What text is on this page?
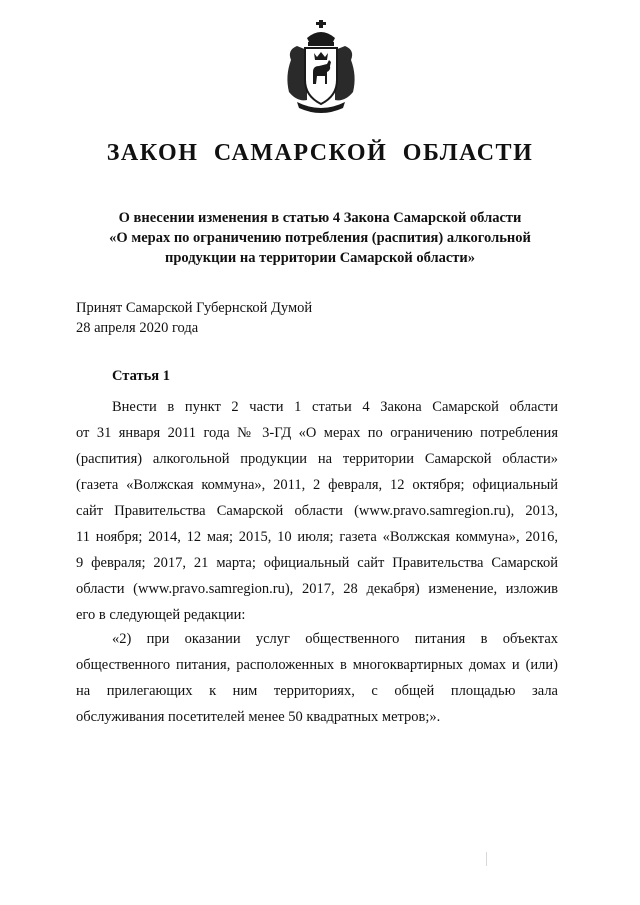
ЗАКОН САМАРСКОЙ ОБЛАСТИ
О внесении изменения в статью 4 Закона Самарской области
«О мерах по ограничению потребления (распития) алкогольной
продукции на территории Самарской области»
Принят Самарской Губернской Думой
28 апреля 2020 года
Статья 1
Внести в пункт 2 части 1 статьи 4 Закона Самарской области
от 31 января 2011 года № 3-ГД «О мерах по ограничению потребления
(распития) алкогольной продукции на территории Самарской области»
(газета «Волжская коммуна», 2011, 2 февраля, 12 октября; официальный
сайт Правительства Самарской области (www.pravo.samregion.ru), 2013,
11 ноября; 2014, 12 мая; 2015, 10 июля; газета «Волжская коммуна», 2016,
9 февраля; 2017, 21 марта; официальный сайт Правительства Самарской
области (www.pravo.samregion.ru), 2017, 28 декабря) изменение, изложив
его в следующей редакции:
«2) при оказании услуг общественного питания в объектах
общественного питания, расположенных в многоквартирных домах и (или)
на прилегающих к ним территориях, с общей площадью зала
обслуживания посетителей менее 50 квадратных метров;».
